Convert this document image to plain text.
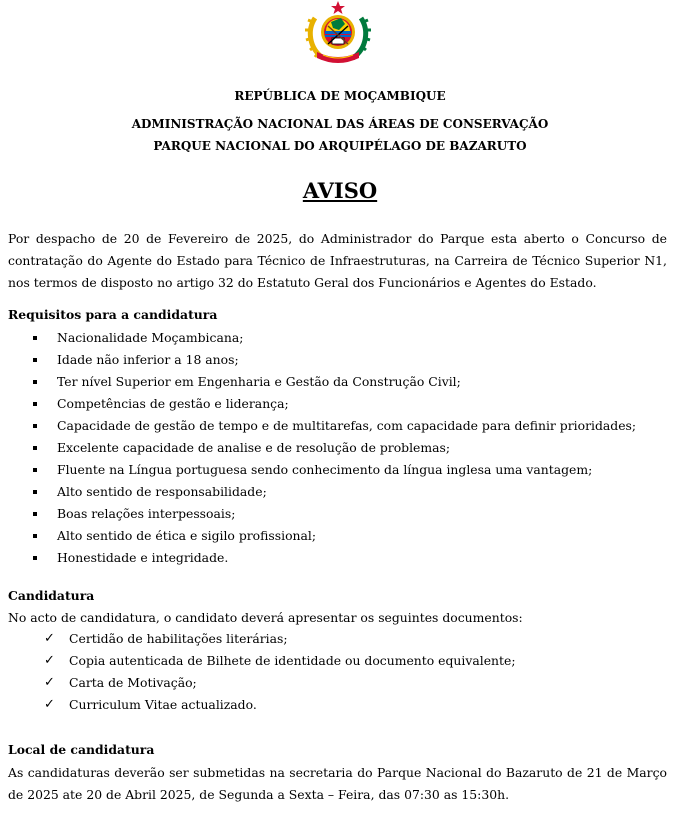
REPÚBLICA DE MOÇAMBIQUE
ADMINISTRAÇÃO NACIONAL DAS ÁREAS DE CONSERVAÇÃO
PARQUE NACIONAL DO ARQUIPÉLAGO DE BAZARUTO
AVISO
Por despacho de 20 de Fevereiro de 2025, do Administrador do Parque esta aberto o Concurso de contratação do Agente do Estado para Técnico de Infraestruturas, na Carreira de Técnico Superior N1, nos termos de disposto no artigo 32 do Estatuto Geral dos Funcionários e Agentes do Estado.
Requisitos para a candidatura
Nacionalidade Moçambicana;
Idade não inferior a 18 anos;
Ter nível Superior em Engenharia e Gestão da Construção Civil;
Competências de gestão e liderança;
Capacidade de gestão de tempo e de multitarefas, com capacidade para definir prioridades;
Excelente capacidade de analise e de resolução de problemas;
Fluente na Língua portuguesa sendo conhecimento da língua inglesa uma vantagem;
Alto sentido de responsabilidade;
Boas relações interpessoais;
Alto sentido de ética e sigilo profissional;
Honestidade e integridade.
Candidatura
No acto de candidatura, o candidato deverá apresentar os seguintes documentos:
✓ Certidão de habilitações literárias;
✓ Copia autenticada de Bilhete de identidade ou documento equivalente;
✓ Carta de Motivação;
✓ Curriculum Vitae actualizado.
Local de candidatura
As candidaturas deverão ser submetidas na secretaria do Parque Nacional do Bazaruto de 21 de Março de 2025 ate 20 de Abril 2025, de Segunda a Sexta – Feira, das 07:30 as 15:30h.
